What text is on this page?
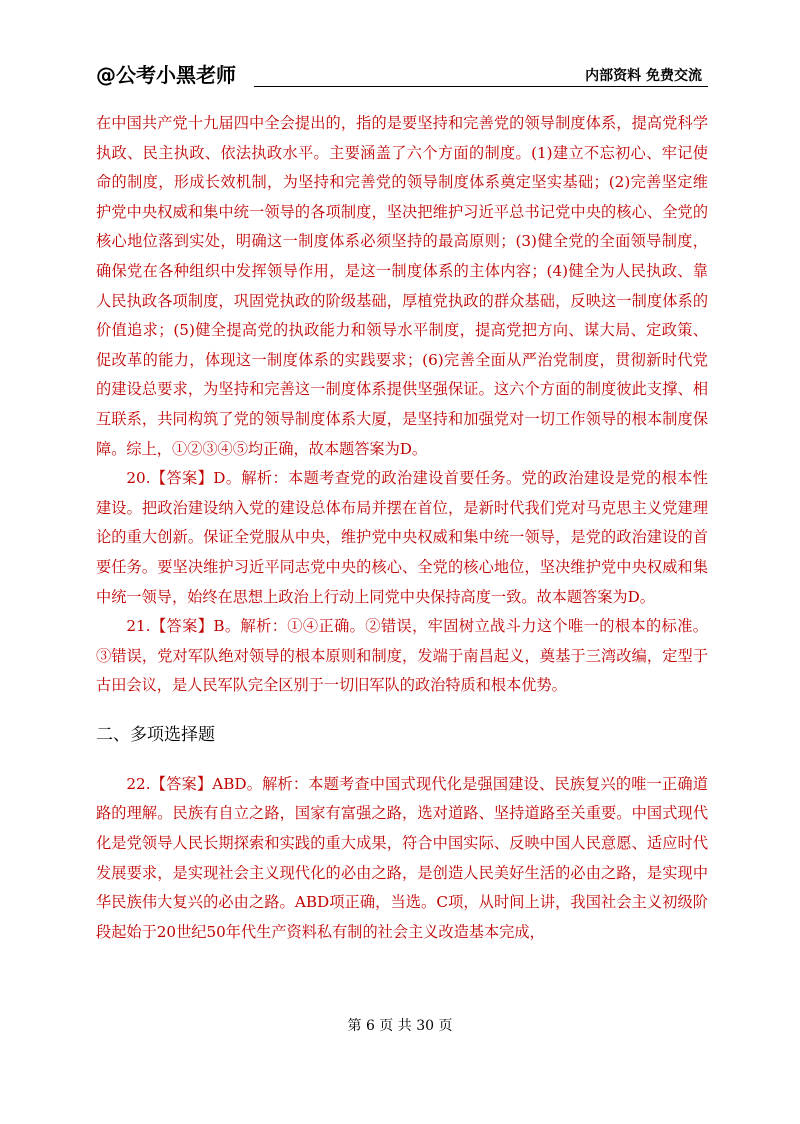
@公考小黑老师	内部资料 免费交流

在中国共产党十九届四中全会提出的，指的是要坚持和完善党的领导制度体系，提高党科学执政、民主执政、依法执政水平。主要涵盖了六个方面的制度。(1)建立不忘初心、牢记使命的制度，形成长效机制，为坚持和完善党的领导制度体系奠定坚实基础；(2)完善坚定维护党中央权威和集中统一领导的各项制度，坚决把维护习近平总书记党中央的核心、全党的核心地位落到实处，明确这一制度体系必须坚持的最高原则；(3)健全党的全面领导制度，确保党在各种组织中发挥领导作用，是这一制度体系的主体内容；(4)健全为人民执政、靠人民执政各项制度，巩固党执政的阶级基础，厚植党执政的群众基础，反映这一制度体系的价值追求；(5)健全提高党的执政能力和领导水平制度，提高党把方向、谋大局、定政策、促改革的能力，体现这一制度体系的实践要求；(6)完善全面从严治党制度，贯彻新时代党的建设总要求，为坚持和完善这一制度体系提供坚强保证。这六个方面的制度彼此支撑、相互联系，共同构筑了党的领导制度体系大厦，是坚持和加强党对一切工作领导的根本制度保障。综上，①②③④⑤均正确，故本题答案为D。

20.【答案】D。解析：本题考查党的政治建设首要任务。党的政治建设是党的根本性建设。把政治建设纳入党的建设总体布局并摆在首位，是新时代我们党对马克思主义党建理论的重大创新。保证全党服从中央，维护党中央权威和集中统一领导，是党的政治建设的首要任务。要坚决维护习近平同志党中央的核心、全党的核心地位，坚决维护党中央权威和集中统一领导，始终在思想上政治上行动上同党中央保持高度一致。故本题答案为D。

21.【答案】B。解析：①④正确。②错误，牢固树立战斗力这个唯一的根本的标准。③错误，党对军队绝对领导的根本原则和制度，发端于南昌起义，奠基于三湾改编，定型于古田会议，是人民军队完全区别于一切旧军队的政治特质和根本优势。

二、多项选择题

22.【答案】ABD。解析：本题考查中国式现代化是强国建设、民族复兴的唯一正确道路的理解。民族有自立之路，国家有富强之路，选对道路、坚持道路至关重要。中国式现代化是党领导人民长期探索和实践的重大成果，符合中国实际、反映中国人民意愿、适应时代发展要求，是实现社会主义现代化的必由之路，是创造人民美好生活的必由之路，是实现中华民族伟大复兴的必由之路。ABD项正确，当选。C项，从时间上讲，我国社会主义初级阶段起始于20世纪50年代生产资料私有制的社会主义改造基本完成，

第 6 页 共 30 页
